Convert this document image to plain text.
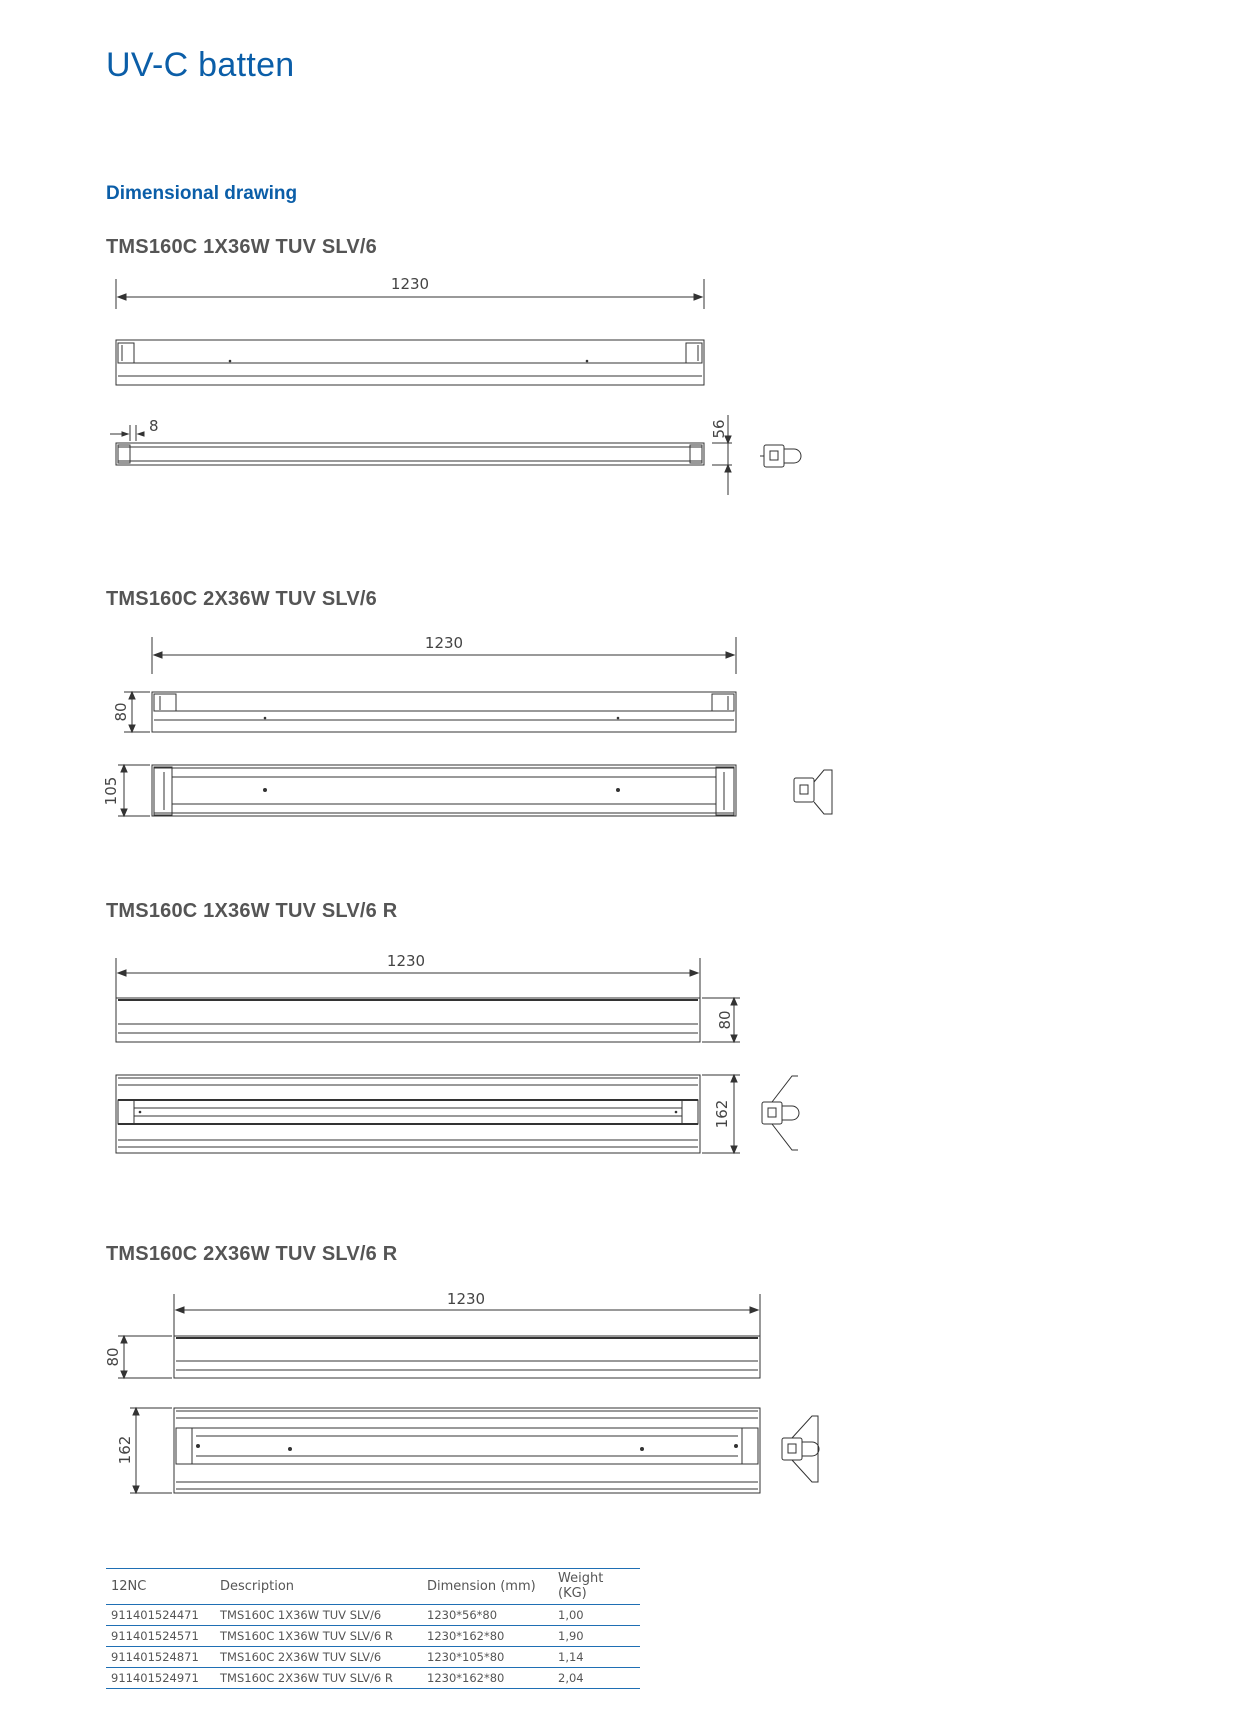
UV-C batten
Dimensional drawing
TMS160C 1X36W TUV SLV/6
1230
8	56
TMS160C 2X36W TUV SLV/6
1230
80
105
TMS160C 1X36W TUV SLV/6 R
1230
80
162
TMS160C 2X36W TUV SLV/6 R
1230
80
162
12NC	Description	Dimension (mm)	Weight (KG)
911401524471	TMS160C 1X36W TUV SLV/6	1230*56*80	1,00
911401524571	TMS160C 1X36W TUV SLV/6 R	1230*162*80	1,90
911401524871	TMS160C 2X36W TUV SLV/6	1230*105*80	1,14
911401524971	TMS160C 2X36W TUV SLV/6 R	1230*162*80	2,04
